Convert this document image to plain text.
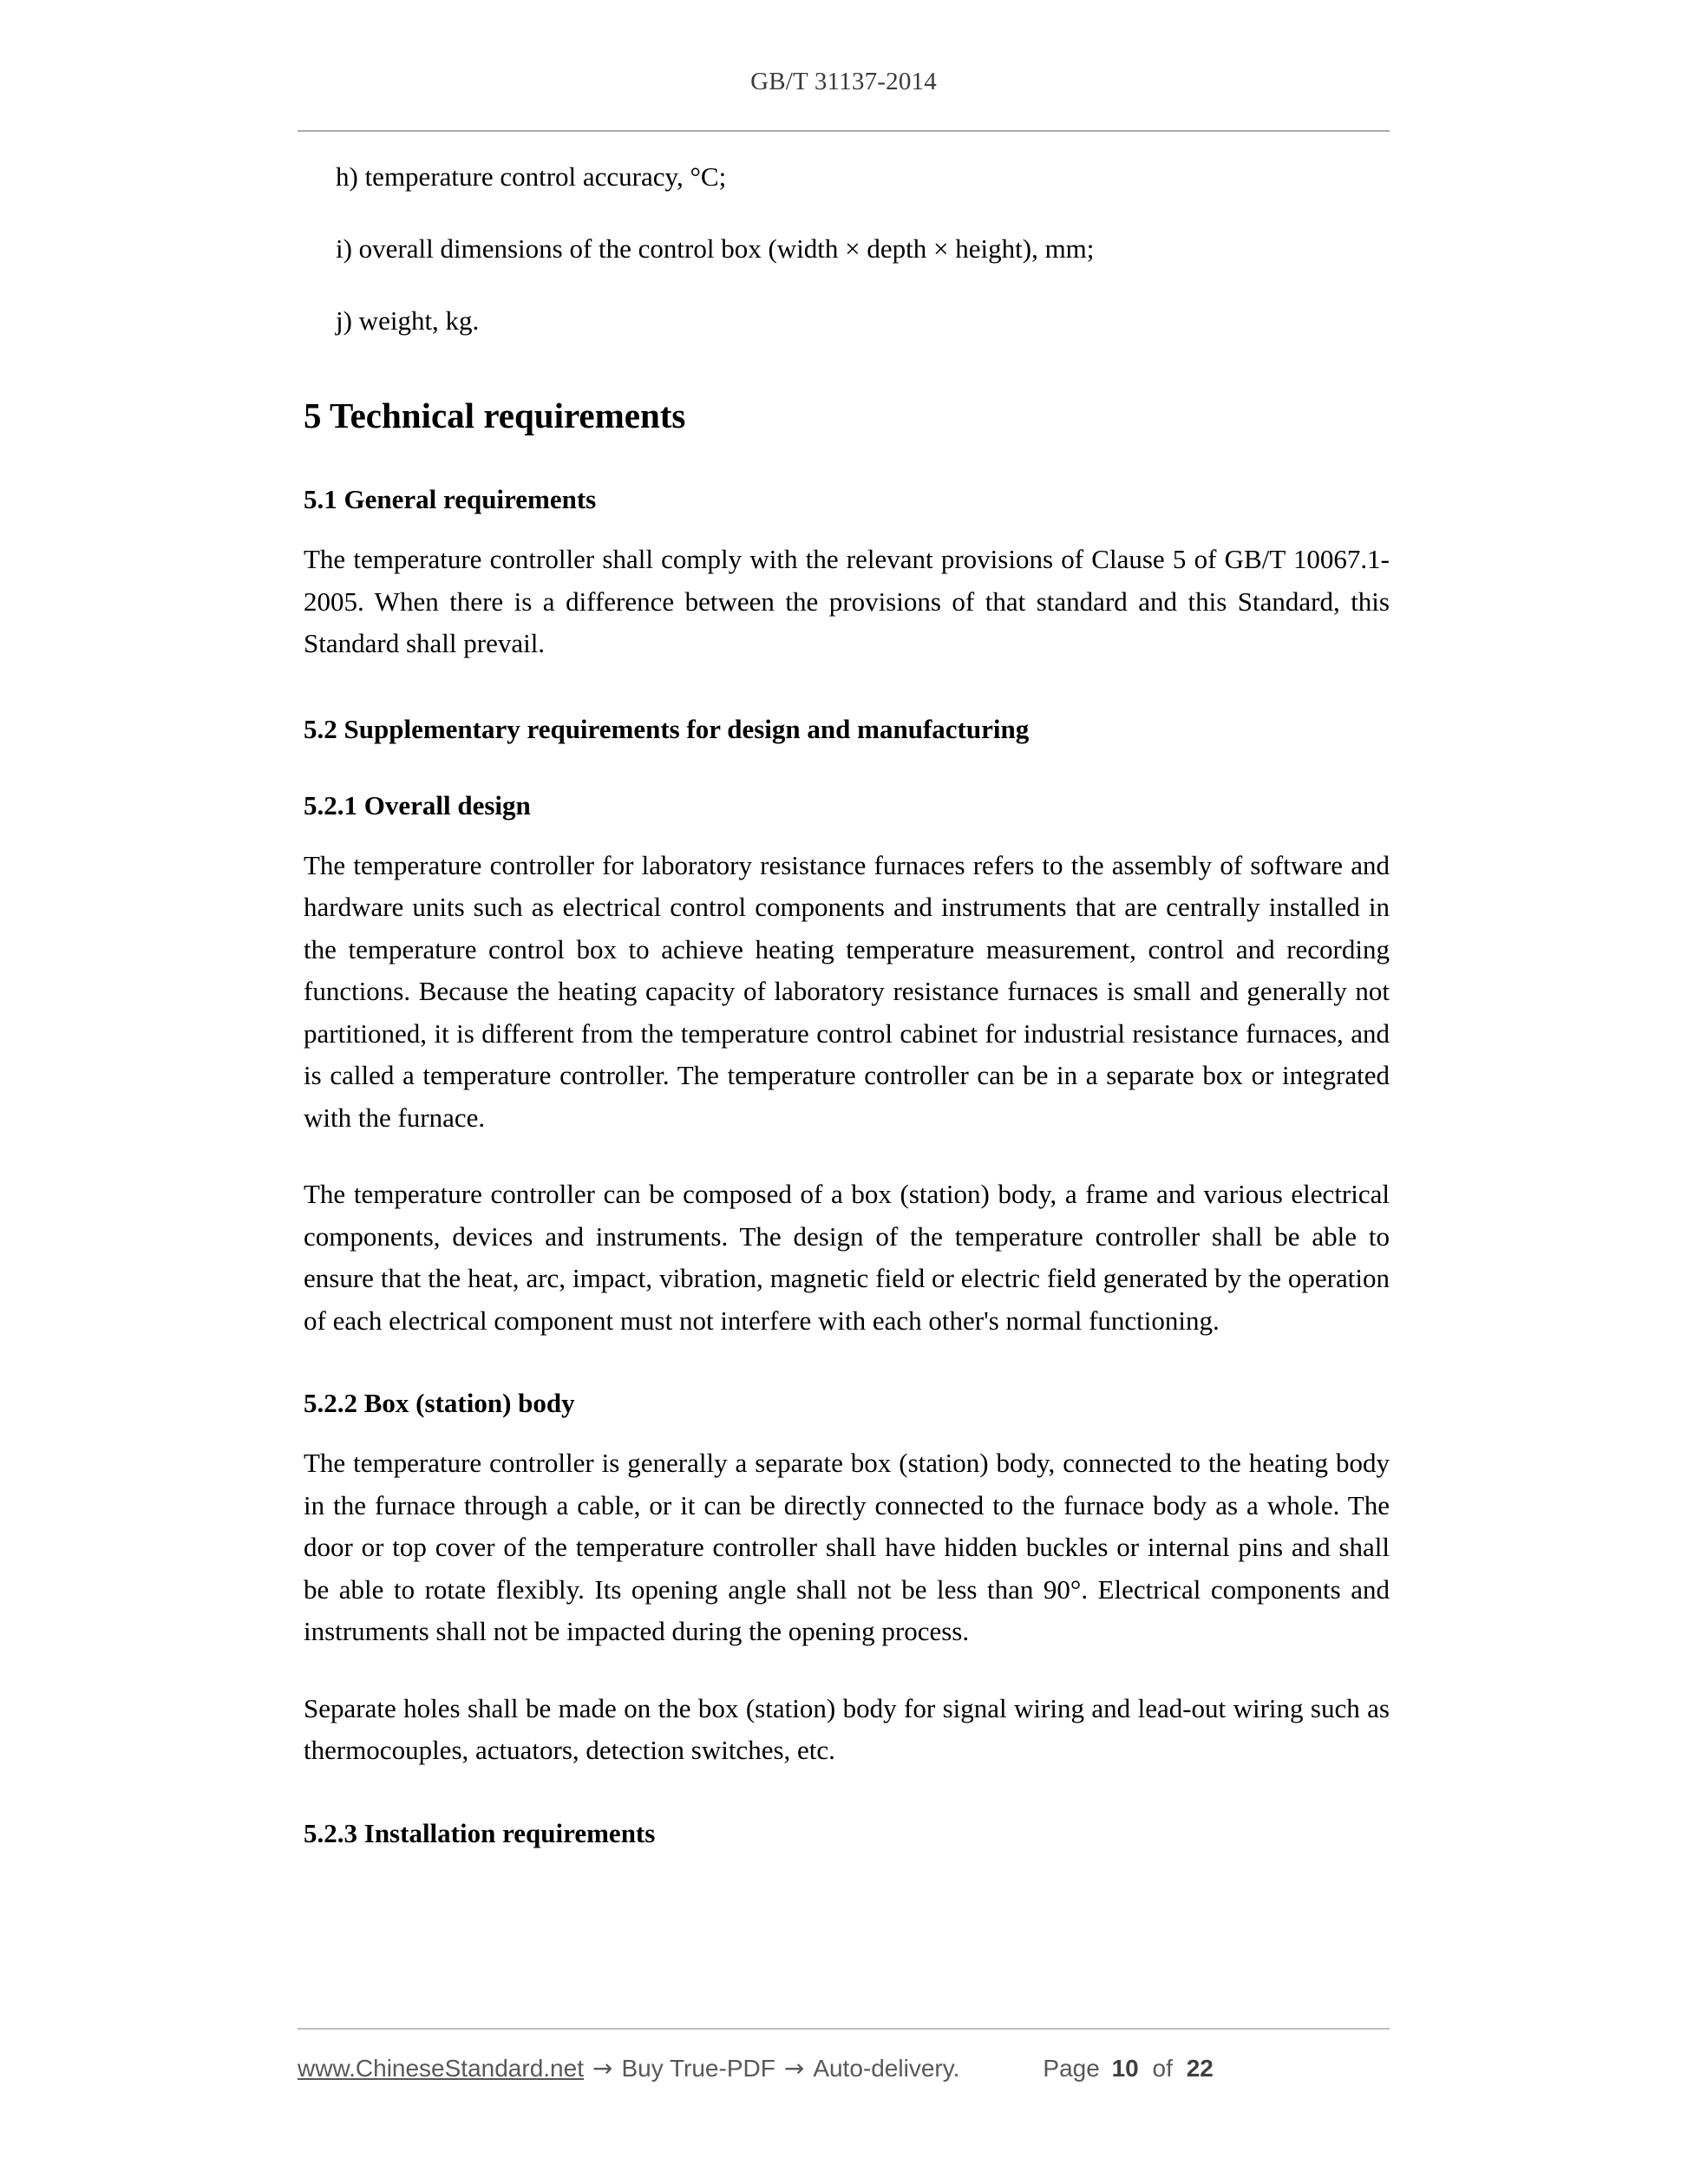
GB/T 31137-2014

h) temperature control accuracy, °C;

i) overall dimensions of the control box (width × depth × height), mm;

j) weight, kg.

5 Technical requirements
5.1 General requirements

The temperature controller shall comply with the relevant provisions of Clause 5 of GB/T 10067.1-2005. When there is a difference between the provisions of that standard and this Standard, this Standard shall prevail.

5.2 Supplementary requirements for design and manufacturing
5.2.1 Overall design

The temperature controller for laboratory resistance furnaces refers to the assembly of software and hardware units such as electrical control components and instruments that are centrally installed in the temperature control box to achieve heating temperature measurement, control and recording functions. Because the heating capacity of laboratory resistance furnaces is small and generally not partitioned, it is different from the temperature control cabinet for industrial resistance furnaces, and is called a temperature controller. The temperature controller can be in a separate box or integrated with the furnace.

The temperature controller can be composed of a box (station) body, a frame and various electrical components, devices and instruments. The design of the temperature controller shall be able to ensure that the heat, arc, impact, vibration, magnetic field or electric field generated by the operation of each electrical component must not interfere with each other's normal functioning.

5.2.2 Box (station) body

The temperature controller is generally a separate box (station) body, connected to the heating body in the furnace through a cable, or it can be directly connected to the furnace body as a whole. The door or top cover of the temperature controller shall have hidden buckles or internal pins and shall be able to rotate flexibly. Its opening angle shall not be less than 90°. Electrical components and instruments shall not be impacted during the opening process.

Separate holes shall be made on the box (station) body for signal wiring and lead-out wiring such as thermocouples, actuators, detection switches, etc.

5.2.3 Installation requirements
www.ChineseStandard.net → Buy True-PDF → Auto-delivery.	Page 10 of 22
